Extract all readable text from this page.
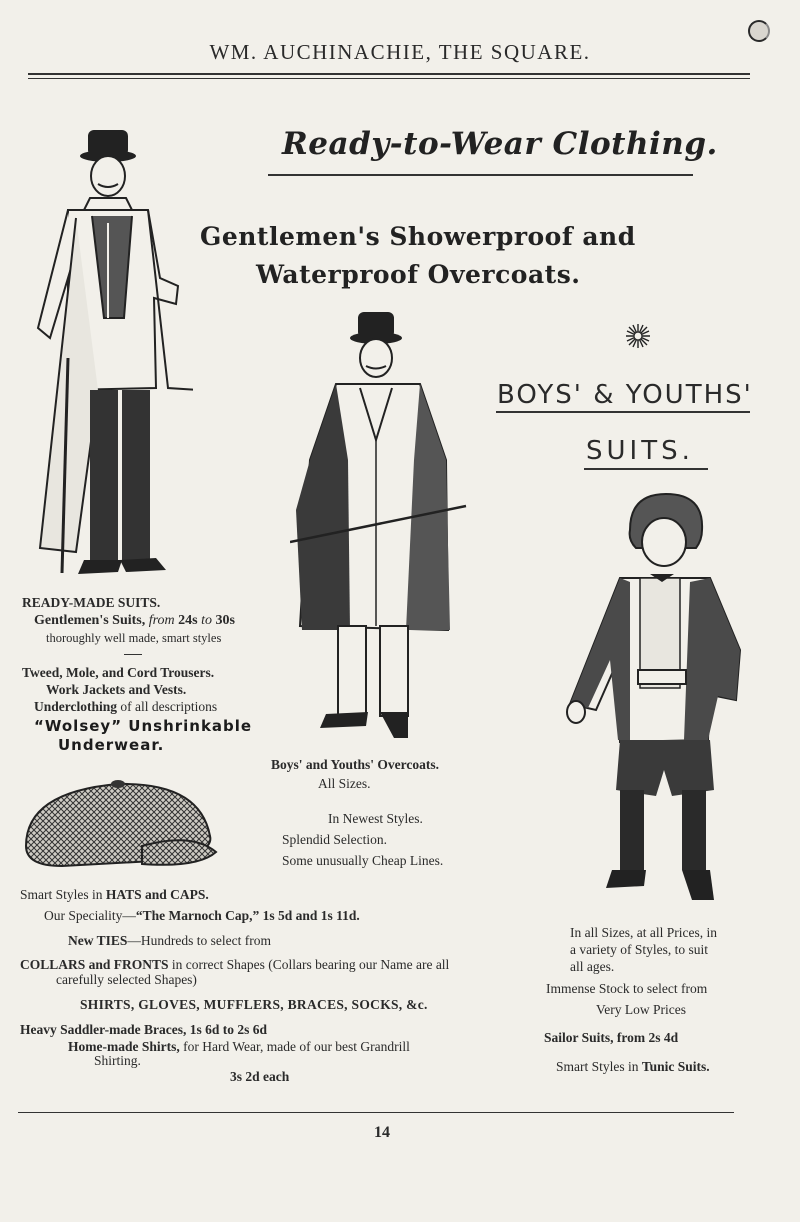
WM. AUCHINACHIE, THE SQUARE.
Ready-to-Wear Clothing.
Gentlemen's Showerproof and
Waterproof Overcoats.
BOYS' & YOUTHS'
SUITS.
READY-MADE SUITS.
Gentlemen's Suits, from 24s to 30s
thoroughly well made, smart styles
Tweed, Mole, and Cord Trousers.
Work Jackets and Vests.
Underclothing of all descriptions
“Wolsey” Unshrinkable
Underwear.
Boys' and Youths' Overcoats.
All Sizes.
In Newest Styles.
Splendid Selection.
Some unusually Cheap Lines.
Smart Styles in HATS and CAPS.
Our Speciality—“The Marnoch Cap,” 1s 5d and 1s 11d.
New TIES—Hundreds to select from
COLLARS and FRONTS in correct Shapes (Collars bearing our Name are all
carefully selected Shapes)
SHIRTS, GLOVES, MUFFLERS, BRACES, SOCKS, &c.
Heavy Saddler-made Braces, 1s 6d to 2s 6d
Home-made Shirts, for Hard Wear, made of our best Grandrill
Shirting.
3s 2d each
In all Sizes, at all Prices, in
a variety of Styles, to suit
all ages.
Immense Stock to select from
Very Low Prices
Sailor Suits, from 2s 4d
Smart Styles in Tunic Suits.
14
